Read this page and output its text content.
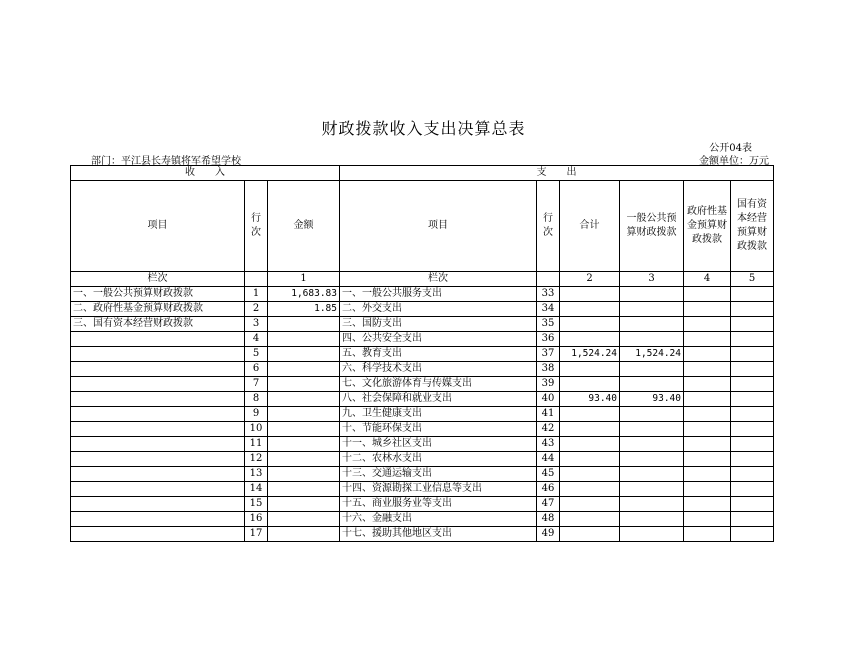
财政拨款收入支出决算总表
公开04表
部门：平江县长寿镇将军希望学校	金额单位：万元
收　　入			支　　出					
项目	行次	金额	项目	行次	合计	一般公共预算财政拨款	政府性基金预算财政拨款	国有资本经营预算财政拨款
栏次		1	栏次		2	3	4	5
一、一般公共预算财政拨款	1	1,683.83	一、一般公共服务支出	33				
二、政府性基金预算财政拨款	2	1.85	二、外交支出	34				
三、国有资本经营财政拨款	3		三、国防支出	35				
	4		四、公共安全支出	36				
	5		五、教育支出	37	1,524.24	1,524.24		
	6		六、科学技术支出	38				
	7		七、文化旅游体育与传媒支出	39				
	8		八、社会保障和就业支出	40	93.40	93.40		
	9		九、卫生健康支出	41				
	10		十、节能环保支出	42				
	11		十一、城乡社区支出	43				
	12		十二、农林水支出	44				
	13		十三、交通运输支出	45				
	14		十四、资源勘探工业信息等支出	46				
	15		十五、商业服务业等支出	47				
	16		十六、金融支出	48				
	17		十七、援助其他地区支出	49				
